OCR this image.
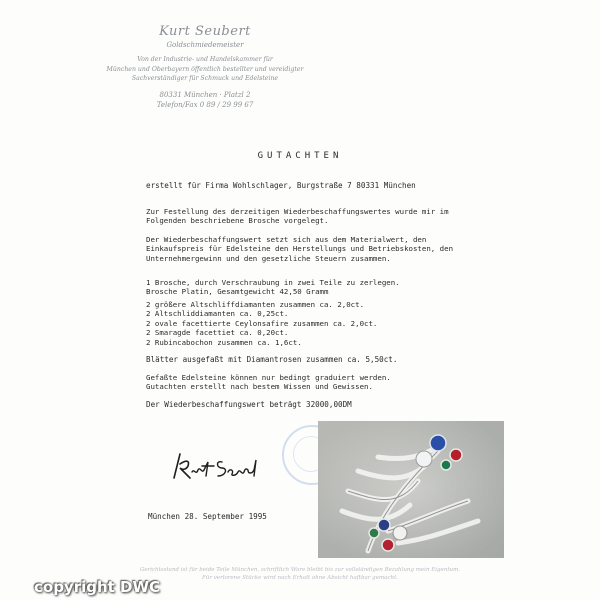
Kurt Seubert
Goldschmiedemeister
Von der Industrie- und Handelskammer für
München und Oberbayern öffentlich bestellter und vereidigter
Sachverständiger für Schmuck und Edelsteine
80331 München · Platzl 2
Telefon/Fax 0 89 / 29 99 67
GUTACHTEN
erstellt für Firma Wohlschlager, Burgstraße 7 80331 München
Zur Festellung des derzeitigen Wiederbeschaffungswertes wurde mir im
Folgenden beschriebene Brosche vorgelegt.
Der Wiederbeschaffungswert setzt sich aus dem Materialwert, den
Einkaufspreis für Edelsteine den Herstellungs und Betriebskosten, den
Unternehmergewinn und den gesetzliche Steuern zusammen.
1 Brosche, durch Verschraubung in zwei Teile zu zerlegen.
Brosche Platin, Gesamtgewicht 42,50 Gramm
2 größere Altschliffdiamanten zusammen ca. 2,0ct.
2 Altschliddiamanten ca. 0,25ct.
2 ovale facettierte Ceylonsafire zusammen ca. 2,0ct.
2 Smaragde facettiet ca. 0,20ct.
2 Rubincabochon zusammen ca. 1,6ct.
Blätter ausgefaßt mit Diamantrosen zusammen ca. 5,50ct.
Gefaßte Edelsteine können nur bedingt graduiert werden.
Gutachten erstellt nach bestem Wissen und Gewissen.
Der Wiederbeschaffungswert beträgt 32000,00DM
München 28. September 1995
Gerichtsstand ist für beide Teile München, schriftlich Ware bleibt bis zur vollständigen Bezahlung mein Eigentum.
Für verlorene Stücke wird nach Erhalt ohne Absicht haftbar gemacht.
copyright DWC
